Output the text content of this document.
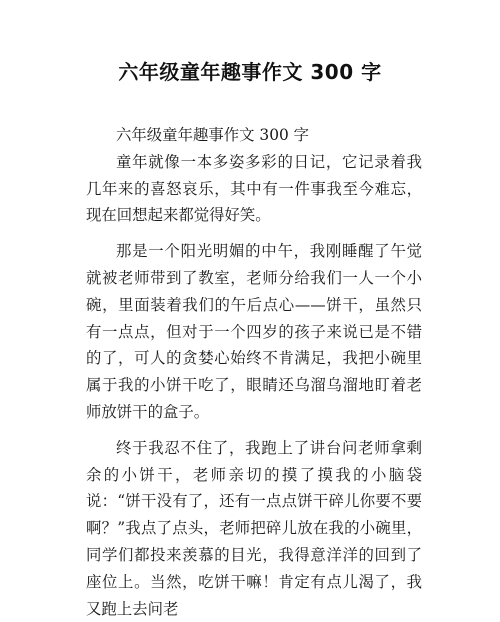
六年级童年趣事作文 300 字

六年级童年趣事作文 300 字

童年就像一本多姿多彩的日记，它记录着我几年来的喜怒哀乐，其中有一件事我至今难忘，现在回想起来都觉得好笑。

那是一个阳光明媚的中午，我刚睡醒了午觉就被老师带到了教室，老师分给我们一人一个小碗，里面装着我们的午后点心——饼干，虽然只有一点点，但对于一个四岁的孩子来说已是不错的了，可人的贪婪心始终不肯满足，我把小碗里属于我的小饼干吃了，眼睛还乌溜乌溜地盯着老师放饼干的盒子。

终于我忍不住了，我跑上了讲台问老师拿剩余的小饼干，老师亲切的摸了摸我的小脑袋说：“饼干没有了，还有一点点饼干碎儿你要不要啊？”我点了点头，老师把碎儿放在我的小碗里，同学们都投来羡慕的目光，我得意洋洋的回到了座位上。当然，吃饼干嘛！肯定有点儿渴了，我又跑上去问老
